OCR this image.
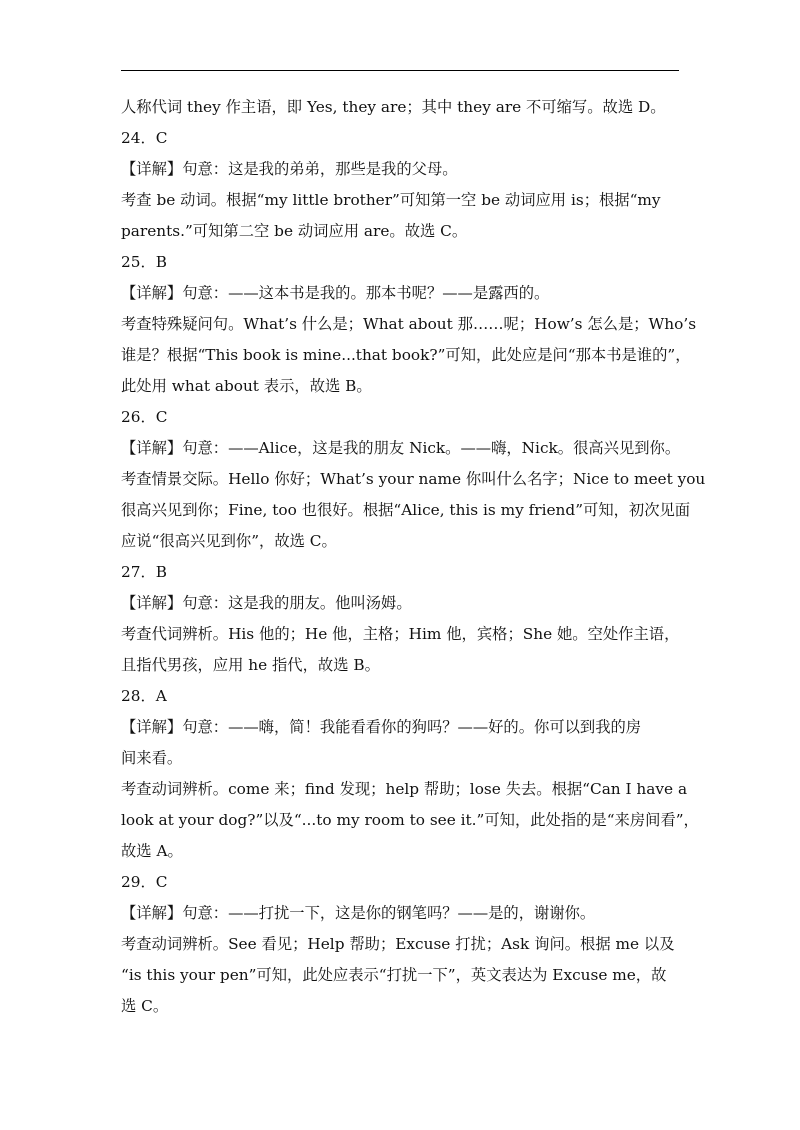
人称代词 they 作主语，即 Yes, they are；其中 they are 不可缩写。故选 D。
24．C
【详解】句意：这是我的弟弟，那些是我的父母。
考查 be 动词。根据“my little brother”可知第一空 be 动词应用 is；根据“my
parents.”可知第二空 be 动词应用 are。故选 C。
25．B
【详解】句意：——这本书是我的。那本书呢？——是露西的。
考查特殊疑问句。What’s 什么是；What about 那……呢；How’s 怎么是；Who’s
谁是？根据“This book is mine...that book?”可知，此处应是问“那本书是谁的”，
此处用 what about 表示，故选 B。
26．C
【详解】句意：——Alice，这是我的朋友 Nick。——嗨，Nick。很高兴见到你。
考查情景交际。Hello 你好；What’s your name 你叫什么名字；Nice to meet you
很高兴见到你；Fine, too 也很好。根据“Alice, this is my friend”可知，初次见面
应说“很高兴见到你”，故选 C。
27．B
【详解】句意：这是我的朋友。他叫汤姆。
考查代词辨析。His 他的；He 他，主格；Him 他，宾格；She 她。空处作主语，
且指代男孩，应用 he 指代，故选 B。
28．A
【详解】句意：——嗨，简！我能看看你的狗吗？——好的。你可以到我的房
间来看。
考查动词辨析。come 来；find 发现；help 帮助；lose 失去。根据“Can I have a
look at your dog?”以及“...to my room to see it.”可知，此处指的是“来房间看”，
故选 A。
29．C
【详解】句意：——打扰一下，这是你的钢笔吗？——是的，谢谢你。
考查动词辨析。See 看见；Help 帮助；Excuse 打扰；Ask 询问。根据 me 以及
“is this your pen”可知，此处应表示“打扰一下”，英文表达为 Excuse me，故
选 C。
